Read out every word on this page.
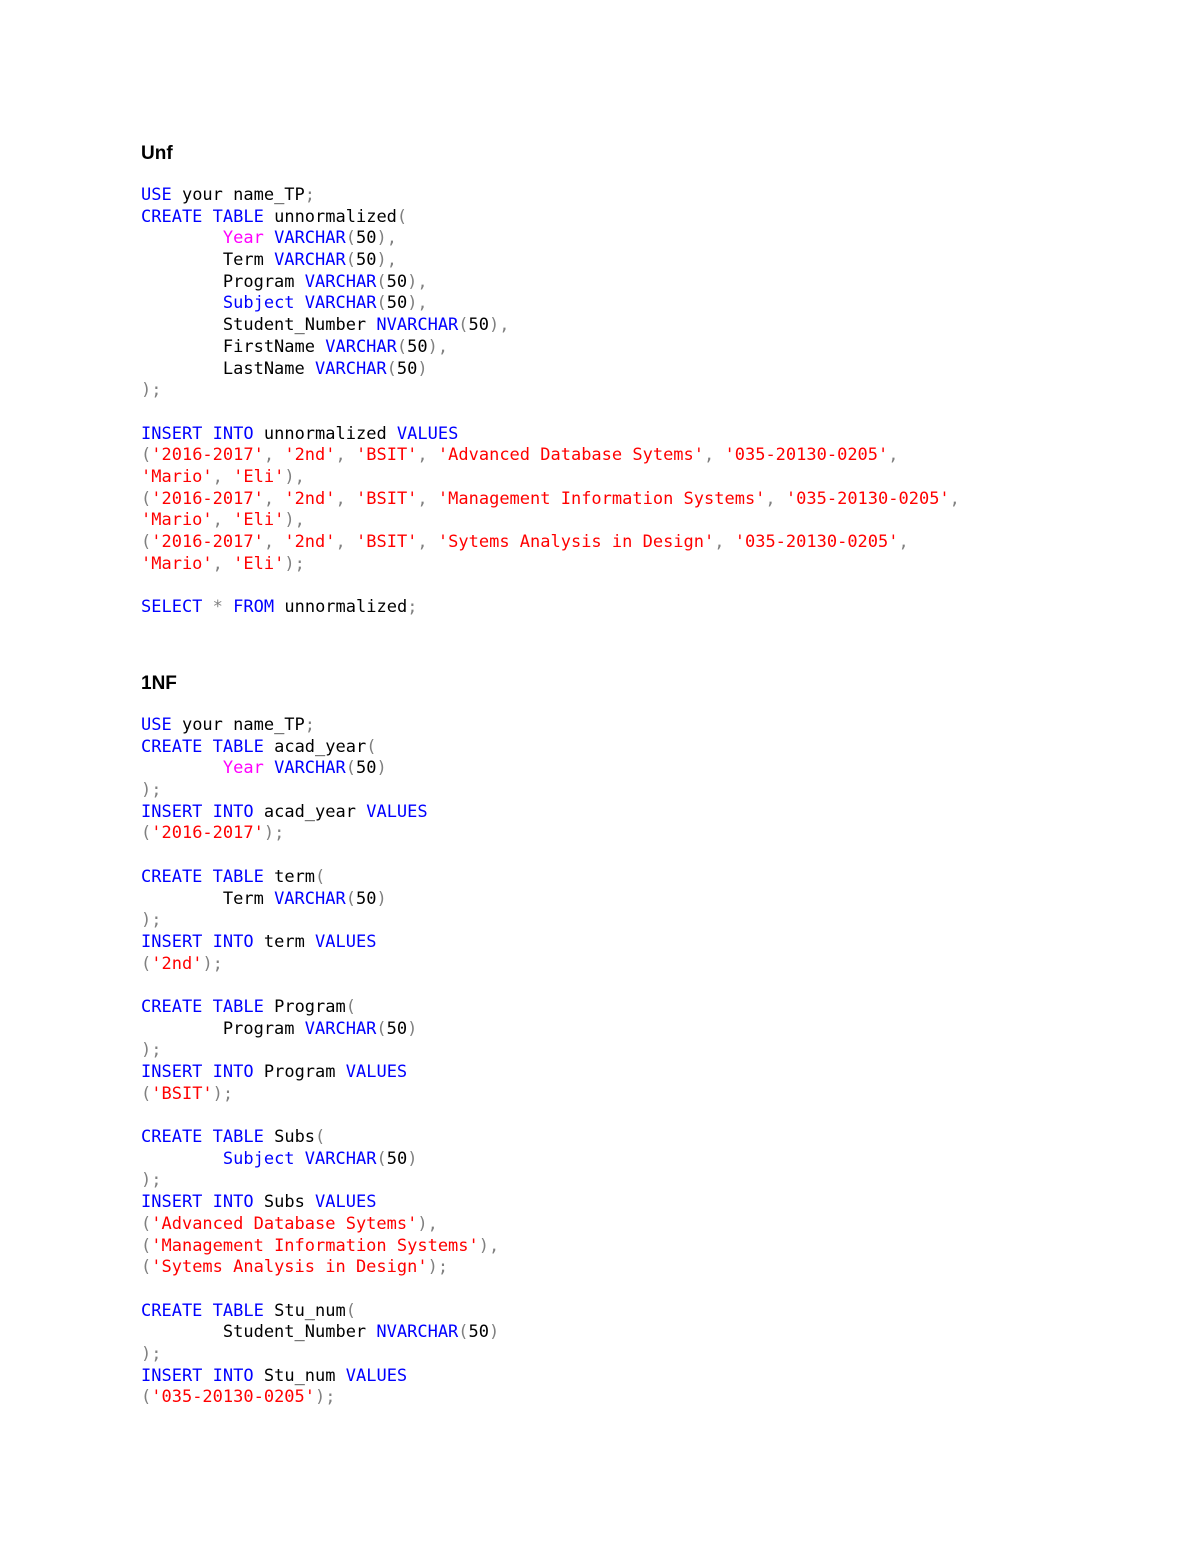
Unf
USE your name_TP;
CREATE TABLE unnormalized(
Year VARCHAR(50),
Term VARCHAR(50),
Program VARCHAR(50),
Subject VARCHAR(50),
Student_Number NVARCHAR(50),
FirstName VARCHAR(50),
LastName VARCHAR(50)
);

INSERT INTO unnormalized VALUES
('2016-2017', '2nd', 'BSIT', 'Advanced Database Sytems', '035-20130-0205',
'Mario', 'Eli'),
('2016-2017', '2nd', 'BSIT', 'Management Information Systems', '035-20130-0205',
'Mario', 'Eli'),
('2016-2017', '2nd', 'BSIT', 'Sytems Analysis in Design', '035-20130-0205',
'Mario', 'Eli');

SELECT * FROM unnormalized;
1NF
USE your name_TP;
CREATE TABLE acad_year(
Year VARCHAR(50)
);
INSERT INTO acad_year VALUES
('2016-2017');

CREATE TABLE term(
Term VARCHAR(50)
);
INSERT INTO term VALUES
('2nd');

CREATE TABLE Program(
Program VARCHAR(50)
);
INSERT INTO Program VALUES
('BSIT');

CREATE TABLE Subs(
Subject VARCHAR(50)
);
INSERT INTO Subs VALUES
('Advanced Database Sytems'),
('Management Information Systems'),
('Sytems Analysis in Design');

CREATE TABLE Stu_num(
Student_Number NVARCHAR(50)
);
INSERT INTO Stu_num VALUES
('035-20130-0205');
